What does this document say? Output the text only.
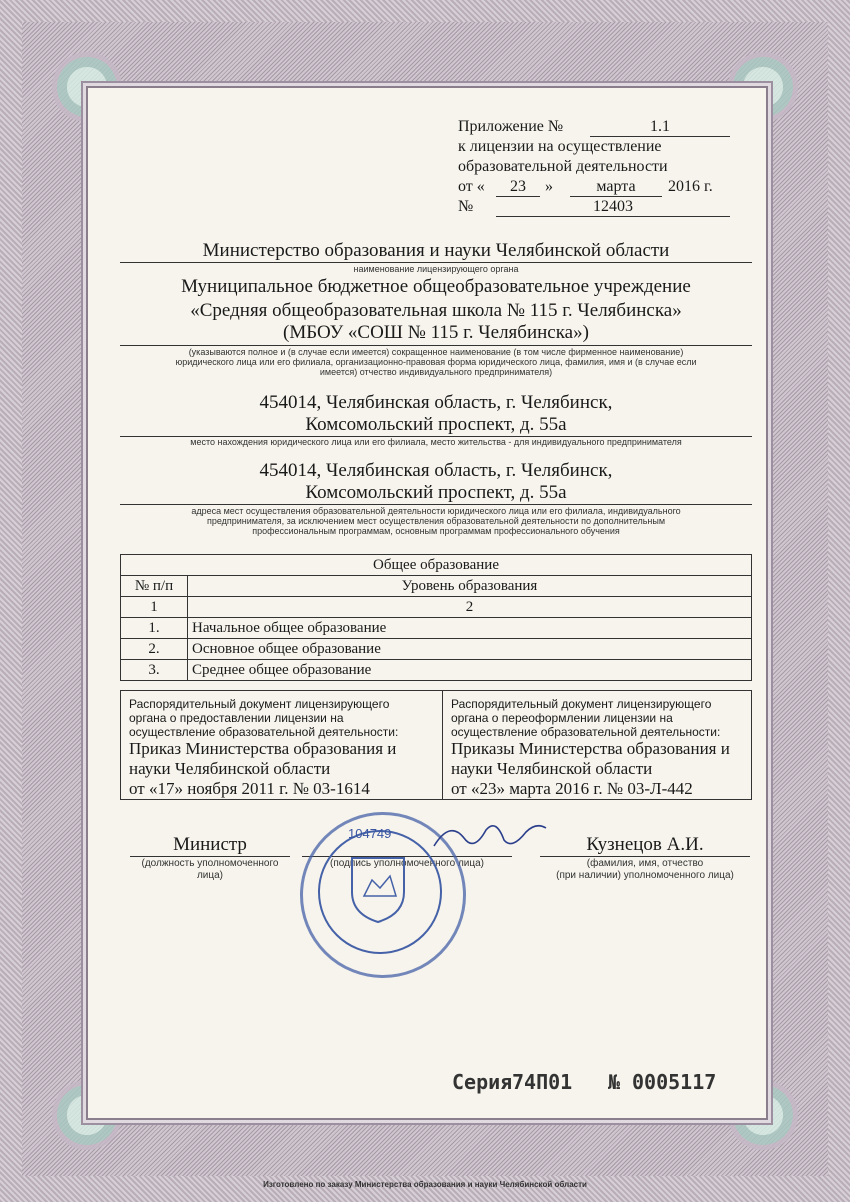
Приложение №	1.1
к лицензии на осуществление
образовательной деятельности
от «	23	»	марта	2016 г.
№	12403
Министерство образования и науки Челябинской области
наименование лицензирующего органа
Муниципальное бюджетное общеобразовательное учреждение
«Средняя общеобразовательная школа № 115 г. Челябинска»
(МБОУ «СОШ № 115 г. Челябинска»)
(указываются полное и (в случае если имеется) сокращенное наименование (в том числе фирменное наименование)
юридического лица или его филиала, организационно-правовая форма юридического лица, фамилия, имя и (в случае если
имеется) отчество индивидуального предпринимателя)
454014, Челябинская область, г. Челябинск,
Комсомольский проспект, д. 55а
место нахождения юридического лица или его филиала, место жительства - для индивидуального предпринимателя
454014, Челябинская область, г. Челябинск,
Комсомольский проспект, д. 55а
адреса мест осуществления образовательной деятельности юридического лица или его филиала, индивидуального
предпринимателя, за исключением мест осуществления образовательной деятельности по дополнительным
профессиональным программам, основным программам профессионального обучения
Общее образование	
№ п/п	Уровень образования
1	2
1.	Начальное общее образование
2.	Основное общее образование
3.	Среднее общее образование
Распорядительный документ лицензирующего
органа о предоставлении лицензии на
осуществление образовательной деятельности:
Приказ Министерства образования и
науки Челябинской области
от «17» ноября 2011 г. № 03-1614
Распорядительный документ лицензирующего
органа о переоформлении лицензии на
осуществление образовательной деятельности:
Приказы Министерства образования и
науки Челябинской области
от «23» марта 2016 г. № 03-Л-442
Министр
(должность уполномоченного
лица)
(подпись уполномоченного лица)
Кузнецов А.И.
(фамилия, имя, отчество
(при наличии) уполномоченного лица)
104749
Серия 74П01 № 0005117
Изготовлено по заказу Министерства образования и науки Челябинской области
